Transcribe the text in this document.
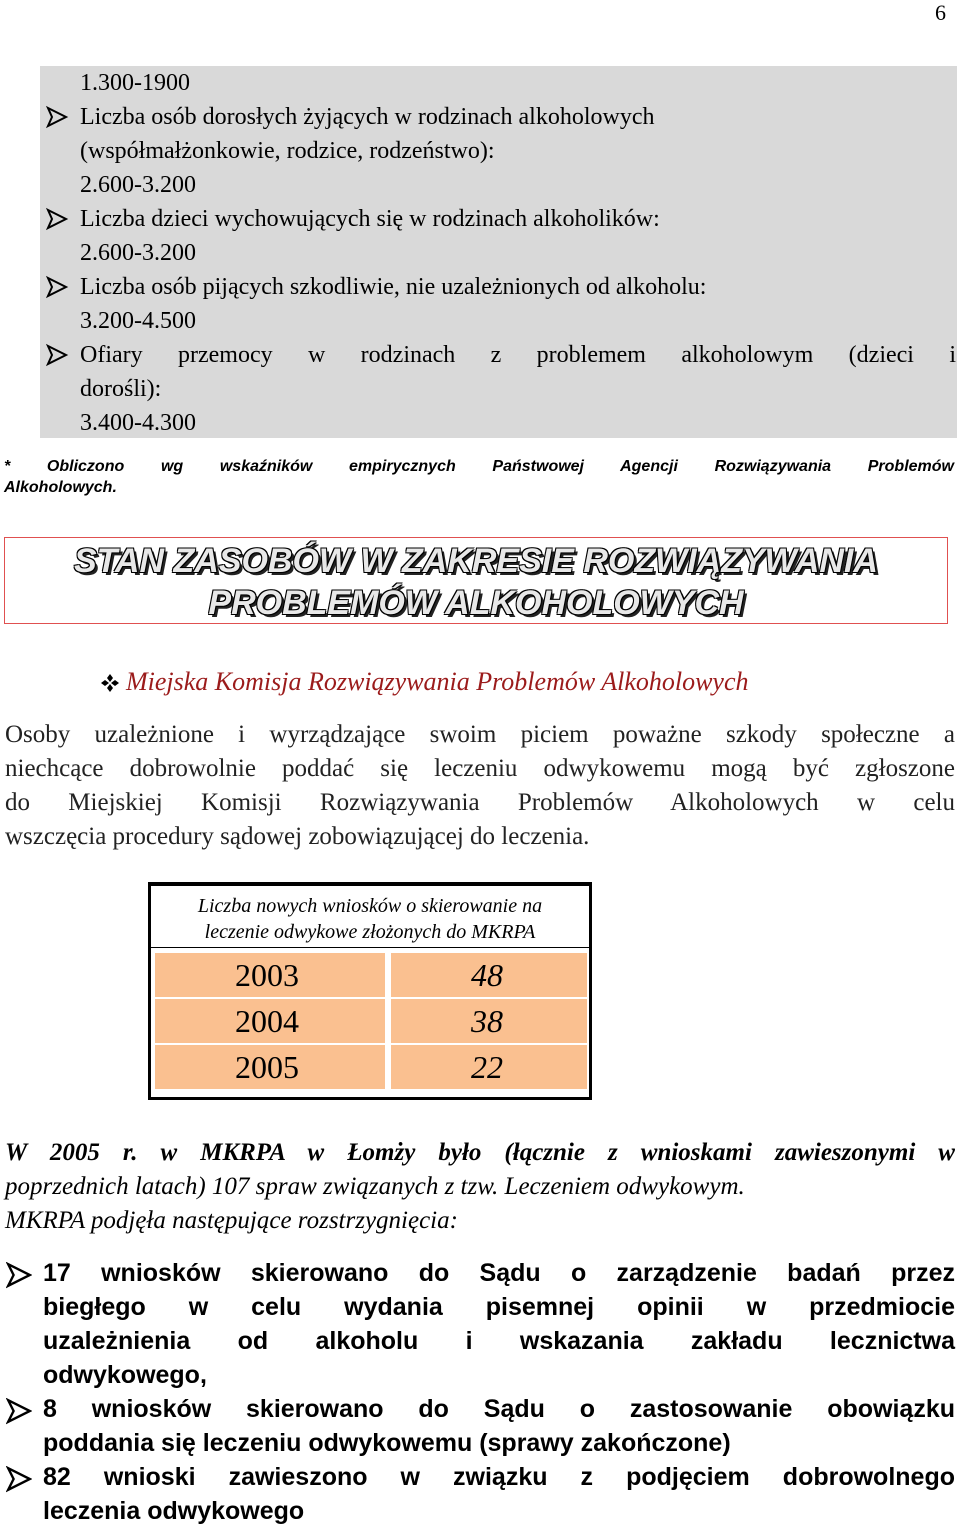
6
1.300-1900
Liczba osób dorosłych żyjących w rodzinach alkoholowych
(współmałżonkowie, rodzice, rodzeństwo):
2.600-3.200
Liczba dzieci wychowujących się w rodzinach alkoholików:
2.600-3.200
Liczba osób pijących szkodliwie, nie uzależnionych od alkoholu:
3.200-4.500
Ofiary przemocy w rodzinach z problemem alkoholowym (dzieci i
dorośli):
3.400-4.300
* Obliczono wg wskaźników empirycznych Państwowej Agencji Rozwiązywania Problemów
Alkoholowych.
STAN ZASOBÓW W ZAKRESIE ROZWIĄZYWANIA
PROBLEMÓW ALKOHOLOWYCH
Miejska Komisja Rozwiązywania Problemów Alkoholowych
Osoby uzależnione i wyrządzające swoim piciem poważne szkody społeczne a
niechcące dobrowolnie poddać się leczeniu odwykowemu mogą być zgłoszone
do Miejskiej Komisji Rozwiązywania Problemów Alkoholowych w celu
wszczęcia procedury sądowej zobowiązującej do leczenia.
Liczba nowych wniosków o skierowanie na
leczenie odwykowe złożonych do MKRPA
2003	48
2004	38
2005	22
W 2005 r. w MKRPA w Łomży było (łącznie z wnioskami zawieszonymi w
poprzednich latach) 107 spraw związanych z tzw. Leczeniem odwykowym.
MKRPA podjęła następujące rozstrzygnięcia:
17 wniosków skierowano do Sądu o zarządzenie badań przez
biegłego w celu wydania pisemnej opinii w przedmiocie
uzależnienia od alkoholu i wskazania zakładu lecznictwa
odwykowego,
8 wniosków skierowano do Sądu o zastosowanie obowiązku
poddania się leczeniu odwykowemu (sprawy zakończone)
82 wnioski zawieszono w związku z podjęciem dobrowolnego
leczenia odwykowego
